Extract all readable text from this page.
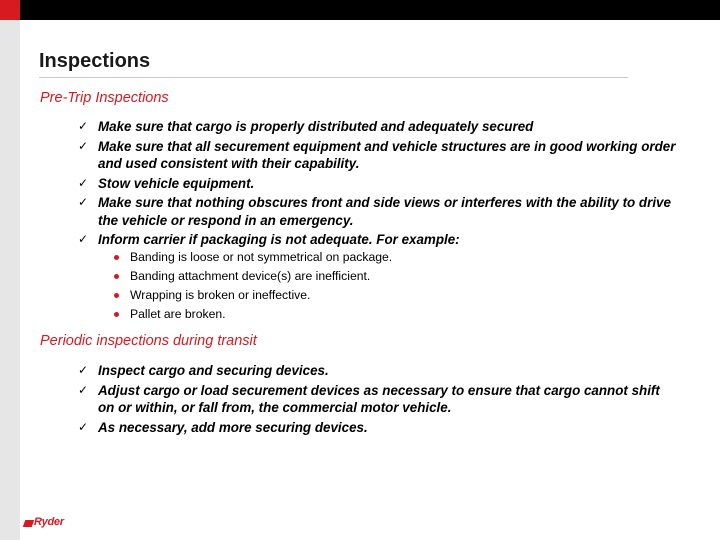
Inspections
Pre-Trip Inspections
✓ Make sure that cargo is properly distributed and adequately secured
✓ Make sure that all securement equipment and vehicle structures are in good working order and used consistent with their capability.
✓ Stow vehicle equipment.
✓ Make sure that nothing obscures front and side views or interferes with the ability to drive the vehicle or respond in an emergency.
✓ Inform carrier if packaging is not adequate. For example:
Banding is loose or not symmetrical on package.
Banding attachment device(s) are inefficient.
Wrapping is broken or ineffective.
Pallet are broken.
Periodic inspections during transit
✓ Inspect cargo and securing devices.
✓ Adjust cargo or load securement devices as necessary to ensure that cargo cannot shift on or within, or fall from, the commercial motor vehicle.
✓ As necessary, add more securing devices.
Ryder
